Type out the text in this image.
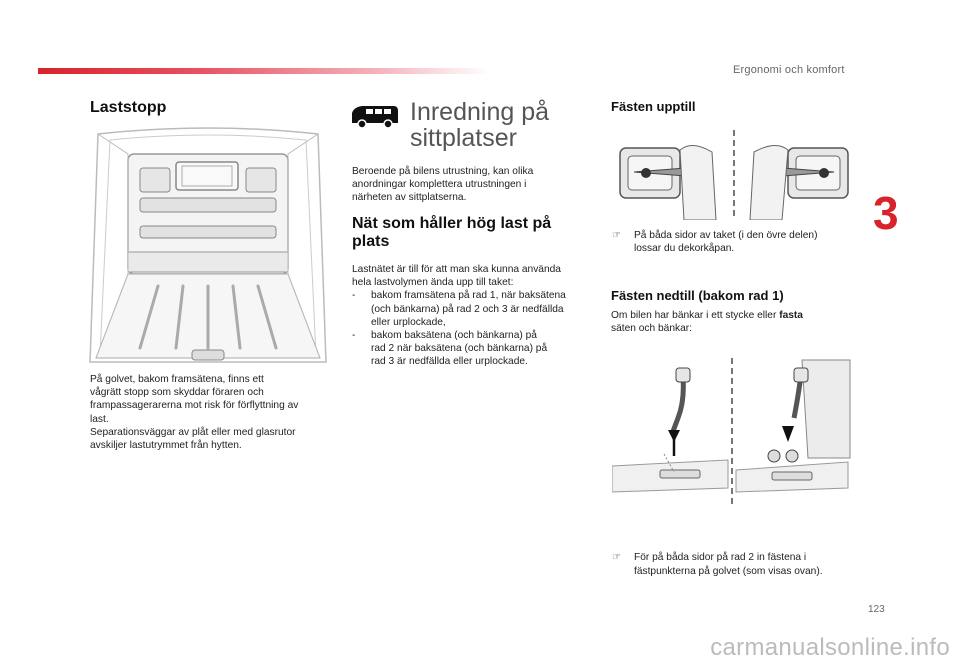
Ergonomi och komfort
3
123
Laststopp
På golvet, bakom framsätena, finns ett
vågrätt stopp som skyddar föraren och
frampassagerarerna mot risk för förflyttning av
last.
Separationsväggar av plåt eller med glasrutor
avskiljer lastutrymmet från hytten.
Inredning på
sittplatser
Beroende på bilens utrustning, kan olika
anordningar komplettera utrustningen i
närheten av sittplatserna.
Nät som håller hög last på
plats
Lastnätet är till för att man ska kunna använda
hela lastvolymen ända upp till taket:
- bakom framsätena på rad 1, när baksätena
(och bänkarna) på rad 2 och 3 är nedfällda
eller urplockade,
- bakom baksätena (och bänkarna) på
rad 2 när baksätena (och bänkarna) på
rad 3 är nedfällda eller urplockade.
Fästen upptill
☞ På båda sidor av taket (i den övre delen)
lossar du dekorkåpan.
Fästen nedtill (bakom rad 1)
Om bilen har bänkar i ett stycke eller fasta
säten och bänkar:
☞ För på båda sidor på rad 2 in fästena i
fästpunkterna på golvet (som visas ovan).
carmanualsonline.info
